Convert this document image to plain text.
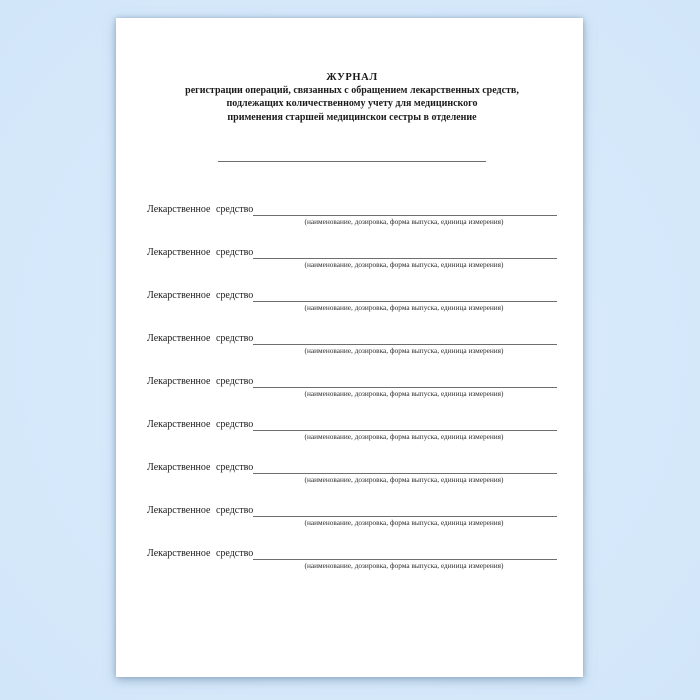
ЖУРНАЛ
регистрации операций, связанных с обращением лекарственных средств,
подлежащих количественному учету для медицинского
применения старшей медицинскои сестры в отделение
Лекарственное средство
(наименование, дозировка, форма выпуска, единица измерения)
Лекарственное средство
(наименование, дозировка, форма выпуска, единица измерения)
Лекарственное средство
(наименование, дозировка, форма выпуска, единица измерения)
Лекарственное средство
(наименование, дозировка, форма выпуска, единица измерения)
Лекарственное средство
(наименование, дозировка, форма выпуска, единица измерения)
Лекарственное средство
(наименование, дозировка, форма выпуска, единица измерения)
Лекарственное средство
(наименование, дозировка, форма выпуска, единица измерения)
Лекарственное средство
(наименование, дозировка, форма выпуска, единица измерения)
Лекарственное средство
(наименование, дозировка, форма выпуска, единица измерения)
